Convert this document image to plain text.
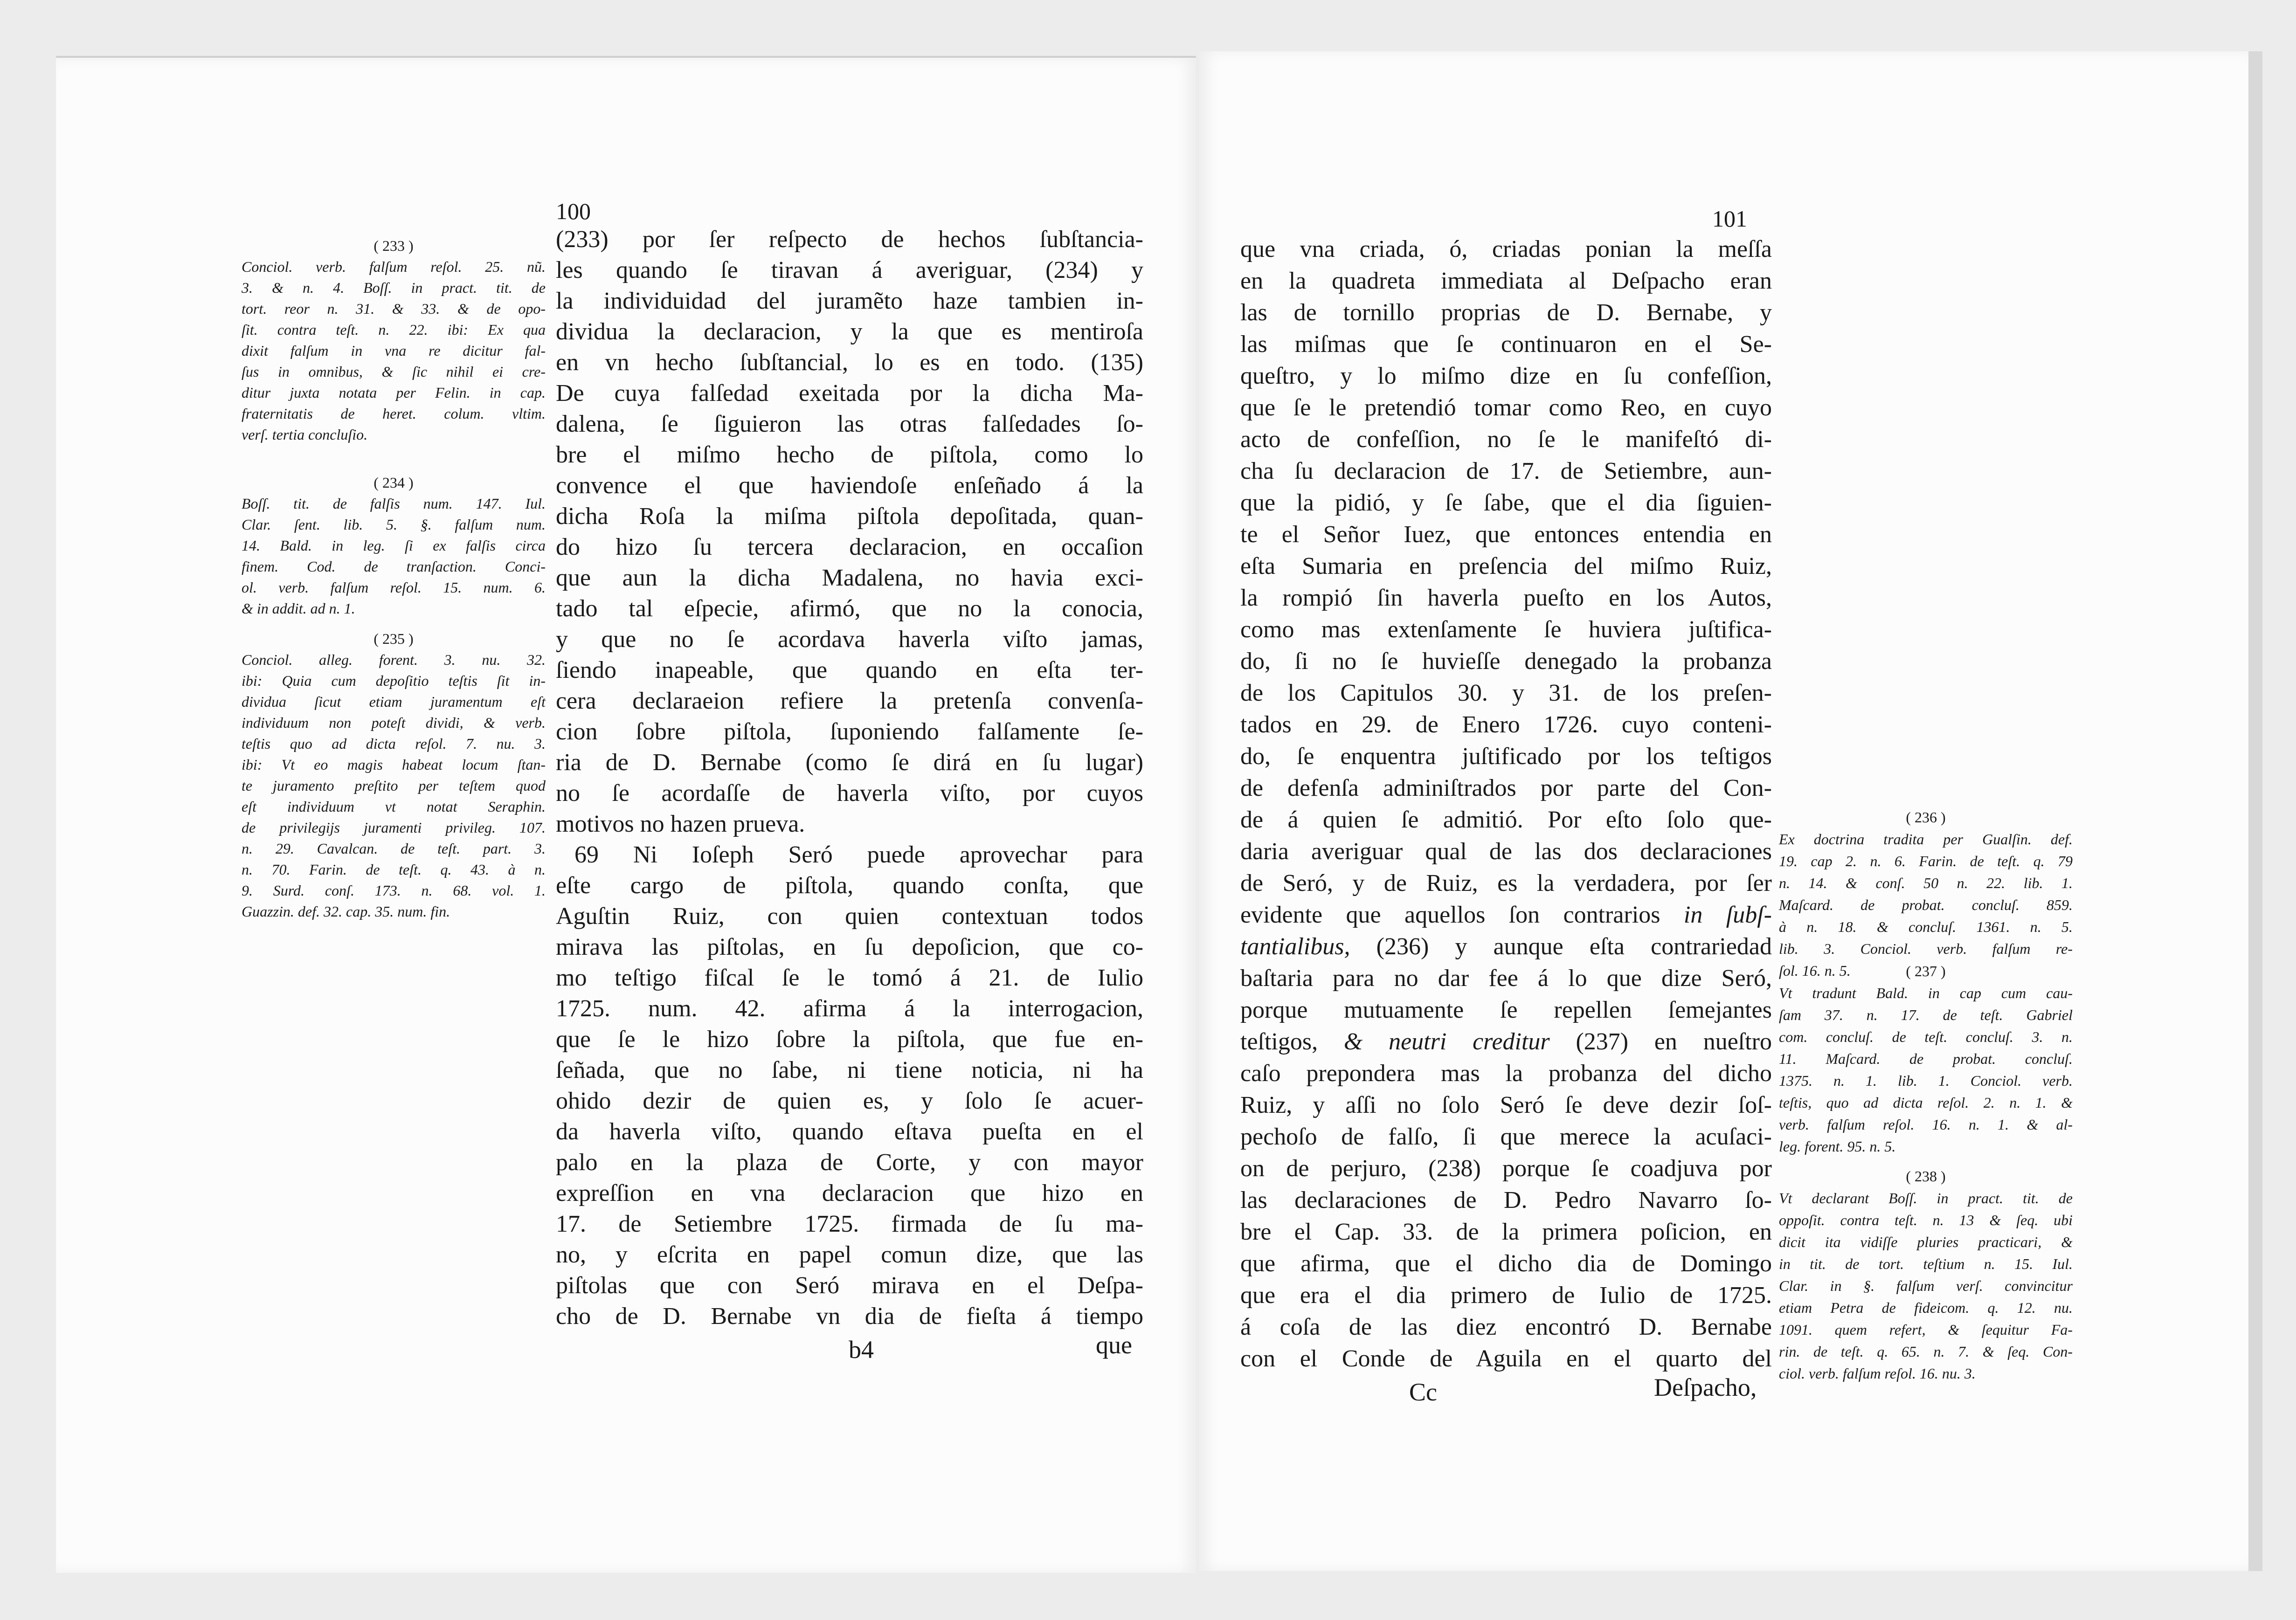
100
(233) por ſer reſpecto de hechos ſubſtancia-
les quando ſe tiravan á averiguar, (234) y
la individuidad del juramẽto haze tambien in-
dividua la declaracion, y la que es mentiroſa
en vn hecho ſubſtancial, lo es en todo. (135)
De cuya falſedad exeitada por la dicha Ma-
dalena, ſe ſiguieron las otras falſedades ſo-
bre el miſmo hecho de piſtola, como lo
convence el que haviendoſe enſeñado á la
dicha Roſa la miſma piſtola depoſitada, quan-
do hizo ſu tercera declaracion, en occaſion
que aun la dicha Madalena, no havia exci-
tado tal eſpecie, afirmó, que no la conocia,
y que no ſe acordava haverla viſto jamas,
ſiendo inapeable, que quando en eſta ter-
cera declaraeion refiere la pretenſa convenſa-
cion ſobre piſtola, ſuponiendo falſamente ſe-
ria de D. Bernabe (como ſe dirá en ſu lugar)
no ſe acordaſſe de haverla viſto, por cuyos
motivos no hazen prueva.
69 Ni Ioſeph Seró puede aprovechar para
eſte cargo de piſtola, quando conſta, que
Aguſtin Ruiz, con quien contextuan todos
mirava las piſtolas, en ſu depoſicion, que co-
mo teſtigo fiſcal ſe le tomó á 21. de Iulio
1725. num. 42. afirma á la interrogacion,
que ſe le hizo ſobre la piſtola, que fue en-
ſeñada, que no ſabe, ni tiene noticia, ni ha
ohido dezir de quien es, y ſolo ſe acuer-
da haverla viſto, quando eſtava pueſta en el
palo en la plaza de Corte, y con mayor
expreſſion en vna declaracion que hizo en
17. de Setiembre 1725. firmada de ſu ma-
no, y eſcrita en papel comun dize, que las
piſtolas que con Seró mirava en el Deſpa-
cho de D. Bernabe vn dia de fieſta á tiempo
( 233 )
Conciol. verb. falſum reſol. 25. nũ.
3. & n. 4. Boſſ. in pract. tit. de
tort. reor n. 31. & 33. & de opo-
ſit. contra teſt. n. 22. ibi: Ex qua
dixit falſum in vna re dicitur fal-
ſus in omnibus, & ſic nihil ei cre-
ditur juxta notata per Felin. in cap.
fraternitatis de heret. colum. vltim.
verſ. tertia concluſio.
( 234 )
Boſſ. tit. de falſis num. 147. Iul.
Clar. ſent. lib. 5. §. falſum num.
14. Bald. in leg. ſi ex falſis circa
finem. Cod. de tranſaction. Conci-
ol. verb. falſum reſol. 15. num. 6.
& in addit. ad n. 1.
( 235 )
Conciol. alleg. forent. 3. nu. 32.
ibi: Quia cum depoſitio teſtis ſit in-
dividua ſicut etiam juramentum eſt
individuum non poteſt dividi, & verb.
teſtis quo ad dicta reſol. 7. nu. 3.
ibi: Vt eo magis habeat locum ſtan-
te juramento preſtito per teſtem quod
eſt individuum vt notat Seraphin.
de privilegijs juramenti privileg. 107.
n. 29. Cavalcan. de teſt. part. 3.
n. 70. Farin. de teſt. q. 43. à n.
9. Surd. conſ. 173. n. 68. vol. 1.
Guazzin. def. 32. cap. 35. num. fin.
b4	que
101
que vna criada, ó, criadas ponian la meſſa
en la quadreta immediata al Deſpacho eran
las de tornillo proprias de D. Bernabe, y
las miſmas que ſe continuaron en el Se-
queſtro, y lo miſmo dize en ſu confeſſion,
que ſe le pretendió tomar como Reo, en cuyo
acto de confeſſion, no ſe le manifeſtó di-
cha ſu declaracion de 17. de Setiembre, aun-
que la pidió, y ſe ſabe, que el dia ſiguien-
te el Señor Iuez, que entonces entendia en
eſta Sumaria en preſencia del miſmo Ruiz,
la rompió ſin haverla pueſto en los Autos,
como mas extenſamente ſe huviera juſtifica-
do, ſi no ſe huvieſſe denegado la probanza
de los Capitulos 30. y 31. de los preſen-
tados en 29. de Enero 1726. cuyo conteni-
do, ſe enquentra juſtificado por los teſtigos
de defenſa adminiſtrados por parte del Con-
de á quien ſe admitió. Por eſto ſolo que-
daria averiguar qual de las dos declaraciones
de Seró, y de Ruiz, es la verdadera, por ſer
evidente que aquellos ſon contrarios in ſubſ-
tantialibus, (236) y aunque eſta contrariedad
baſtaria para no dar fee á lo que dize Seró,
porque mutuamente ſe repellen ſemejantes
teſtigos, & neutri creditur (237) en nueſtro
caſo prepondera mas la probanza del dicho
Ruiz, y aſſi no ſolo Seró ſe deve dezir ſoſ-
pechoſo de falſo, ſi que merece la acuſaci-
on de perjuro, (238) porque ſe coadjuva por
las declaraciones de D. Pedro Navarro ſo-
bre el Cap. 33. de la primera poſicion, en
que afirma, que el dicho dia de Domingo
que era el dia primero de Iulio de 1725.
á coſa de las diez encontró D. Bernabe
con el Conde de Aguila en el quarto del
( 236 )
Ex doctrina tradita per Gualſin. def.
19. cap 2. n. 6. Farin. de teſt. q. 79
n. 14. & conſ. 50 n. 22. lib. 1.
Maſcard. de probat. concluſ. 859.
à n. 18. & concluſ. 1361. n. 5.
lib. 3. Conciol. verb. falſum re-
ſol. 16. n. 5.	( 237 )
Vt tradunt Bald. in cap cum cau-
ſam 37. n. 17. de teſt. Gabriel
com. concluſ. de teſt. concluſ. 3. n.
11. Maſcard. de probat. concluſ.
1375. n. 1. lib. 1. Conciol. verb.
teſtis, quo ad dicta reſol. 2. n. 1. &
verb. falſum reſol. 16. n. 1. & al-
leg. forent. 95. n. 5.
( 238 )
Vt declarant Boſſ. in pract. tit. de
oppoſit. contra teſt. n. 13 & ſeq. ubi
dicit ita vidiſſe pluries practicari, &
in tit. de tort. teſtium n. 15. Iul.
Clar. in §. falſum verſ. convincitur
etiam Petra de fideicom. q. 12. nu.
1091. quem refert, & ſequitur Fa-
rin. de teſt. q. 65. n. 7. & ſeq. Con-
ciol. verb. falſum reſol. 16. nu. 3.
Cc	Deſpacho,
